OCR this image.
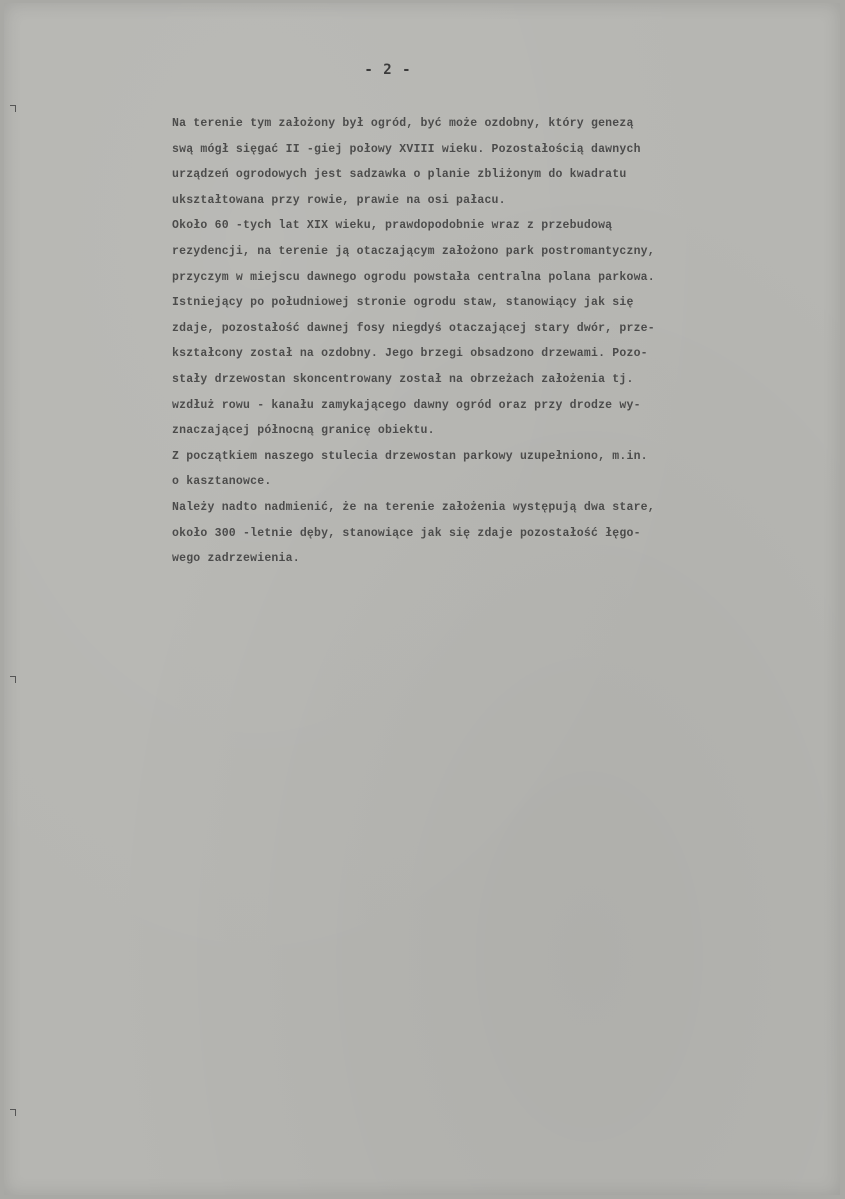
- 2 -
Na terenie tym założony był ogród, być może ozdobny, który genezą
swą mógł sięgać II -giej połowy XVIII wieku. Pozostałością dawnych
urządzeń ogrodowych jest sadzawka o planie zbliżonym do kwadratu
ukształtowana przy rowie, prawie na osi pałacu.
Około 60 -tych lat XIX wieku, prawdopodobnie wraz z przebudową
rezydencji, na terenie ją otaczającym założono park postromantyczny,
przyczym w miejscu dawnego ogrodu powstała centralna polana parkowa.
Istniejący po południowej stronie ogrodu staw, stanowiący jak się
zdaje, pozostałość dawnej fosy niegdyś otaczającej stary dwór, prze-
kształcony został na ozdobny. Jego brzegi obsadzono drzewami. Pozo-
stały drzewostan skoncentrowany został na obrzeżach założenia tj.
wzdłuż rowu - kanału zamykającego dawny ogród oraz przy drodze wy-
znaczającej północną granicę obiektu.
Z początkiem naszego stulecia drzewostan parkowy uzupełniono, m.in.
o kasztanowce.
Należy nadto nadmienić, że na terenie założenia występują dwa stare,
około 300 -letnie dęby, stanowiące jak się zdaje pozostałość łęgo-
wego zadrzewienia.
